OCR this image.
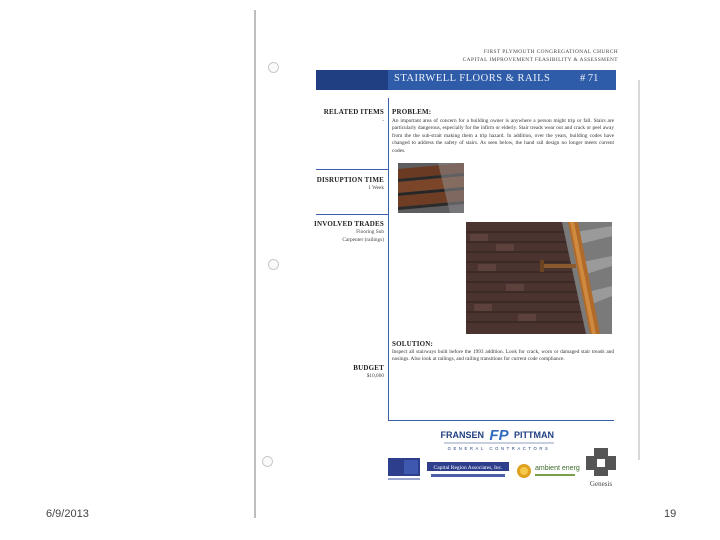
FIRST PLYMOUTH CONGREGATIONAL CHURCH
CAPITAL IMPROVEMENT FEASIBILITY & ASSESSMENT
STAIRWELL FLOORS & RAILS	# 71
RELATED ITEMS
-
DISRUPTION TIME
1 Week
INVOLVED TRADES
Flooring Sub
Carpenter (railings)
BUDGET
$10,000
PROBLEM:
An important area of concern for a building owner is anywhere a person might trip or fall. Stairs are particularly dangerous, especially for the infirm or elderly. Stair treads wear out and crack or peel away from the the sub-strait making them a trip hazard. In addition, over the years, building codes have changed to address the safety of stairs. As seen below, the hand rail design no longer meets current codes.
SOLUTION:
Inspect all stairways built before the 1993 addition. Look for crack, worn or damaged stair treads and nosings. Also look at railings, and railing transitions for current code compliance.
FRANSEN FP PITTMAN
GENERAL CONTRACTORS
Capital Region Associates, Inc.	ambient energy
Genesis
6/9/2013	19
